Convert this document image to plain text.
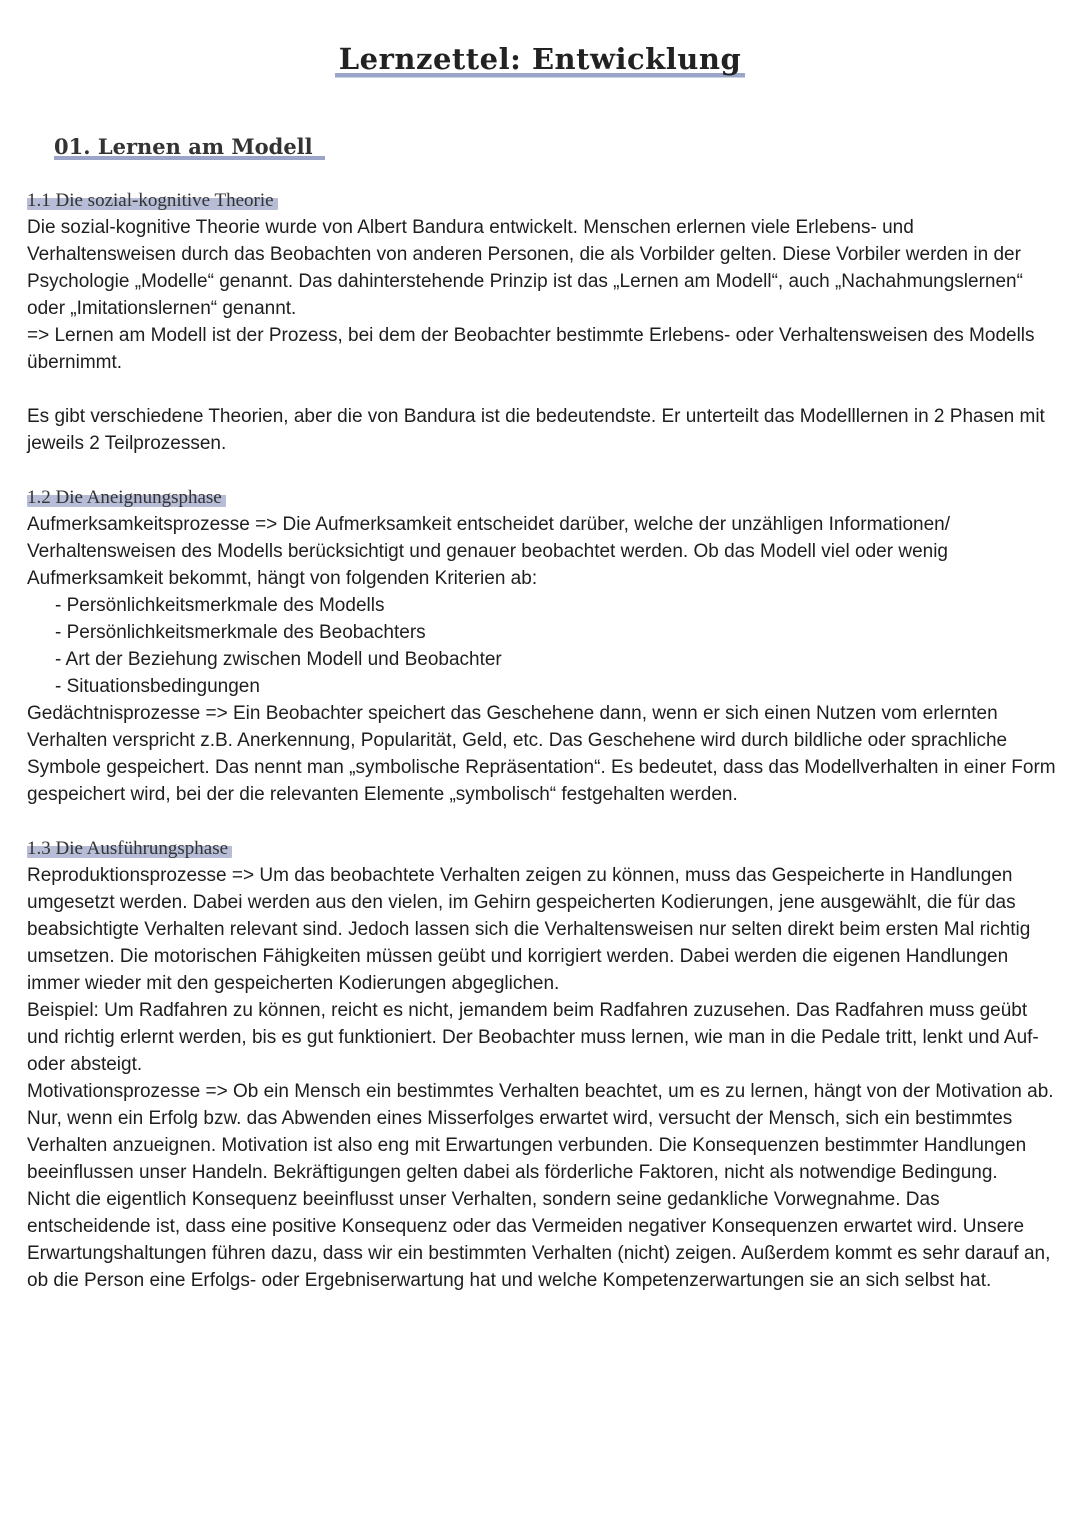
Lernzettel: Entwicklung
01. Lernen am Modell
1.1 Die sozial-kognitive Theorie

Die sozial-kognitive Theorie wurde von Albert Bandura entwickelt. Menschen erlernen viele Erlebens- und Verhaltensweisen durch das Beobachten von anderen Personen, die als Vorbilder gelten. Diese Vorbiler werden in der Psychologie „Modelle“ genannt. Das dahinterstehende Prinzip ist das „Lernen am Modell“, auch „Nachahmungslernen“ oder „Imitationslernen“ genannt.

=> Lernen am Modell ist der Prozess, bei dem der Beobachter bestimmte Erlebens- oder Verhaltensweisen des Modells übernimmt.

Es gibt verschiedene Theorien, aber die von Bandura ist die bedeutendste. Er unterteilt das Modelllernen in 2 Phasen mit jeweils 2 Teilprozessen.

1.2 Die Aneignungsphase

Aufmerksamkeitsprozesse => Die Aufmerksamkeit entscheidet darüber, welche der unzähligen Informationen/ Verhaltensweisen des Modells berücksichtigt und genauer beobachtet werden. Ob das Modell viel oder wenig Aufmerksamkeit bekommt, hängt von folgenden Kriterien ab:

- Persönlichkeitsmerkmale des Modells
- Persönlichkeitsmerkmale des Beobachters
- Art der Beziehung zwischen Modell und Beobachter
- Situationsbedingungen

Gedächtnisprozesse => Ein Beobachter speichert das Geschehene dann, wenn er sich einen Nutzen vom erlernten Verhalten verspricht z.B. Anerkennung, Popularität, Geld, etc. Das Geschehene wird durch bildliche oder sprachliche Symbole gespeichert. Das nennt man „symbolische Repräsentation“. Es bedeutet, dass das Modellverhalten in einer Form gespeichert wird, bei der die relevanten Elemente „symbolisch“ festgehalten werden.

1.3 Die Ausführungsphase

Reproduktionsprozesse => Um das beobachtete Verhalten zeigen zu können, muss das Gespeicherte in Handlungen umgesetzt werden. Dabei werden aus den vielen, im Gehirn gespeicherten Kodierungen, jene ausgewählt, die für das beabsichtigte Verhalten relevant sind. Jedoch lassen sich die Verhaltensweisen nur selten direkt beim ersten Mal richtig umsetzen. Die motorischen Fähigkeiten müssen geübt und korrigiert werden. Dabei werden die eigenen Handlungen immer wieder mit den gespeicherten Kodierungen abgeglichen.

Beispiel: Um Radfahren zu können, reicht es nicht, jemandem beim Radfahren zuzusehen. Das Radfahren muss geübt und richtig erlernt werden, bis es gut funktioniert. Der Beobachter muss lernen, wie man in die Pedale tritt, lenkt und Auf- oder absteigt.

Motivationsprozesse => Ob ein Mensch ein bestimmtes Verhalten beachtet, um es zu lernen, hängt von der Motivation ab. Nur, wenn ein Erfolg bzw. das Abwenden eines Misserfolges erwartet wird, versucht der Mensch, sich ein bestimmtes Verhalten anzueignen. Motivation ist also eng mit Erwartungen verbunden. Die Konsequenzen bestimmter Handlungen beeinflussen unser Handeln. Bekräftigungen gelten dabei als förderliche Faktoren, nicht als notwendige Bedingung.

Nicht die eigentlich Konsequenz beeinflusst unser Verhalten, sondern seine gedankliche Vorwegnahme. Das entscheidende ist, dass eine positive Konsequenz oder das Vermeiden negativer Konsequenzen erwartet wird. Unsere Erwartungshaltungen führen dazu, dass wir ein bestimmten Verhalten (nicht) zeigen. Außerdem kommt es sehr darauf an, ob die Person eine Erfolgs- oder Ergebniserwartung hat und welche Kompetenzerwartungen sie an sich selbst hat.
